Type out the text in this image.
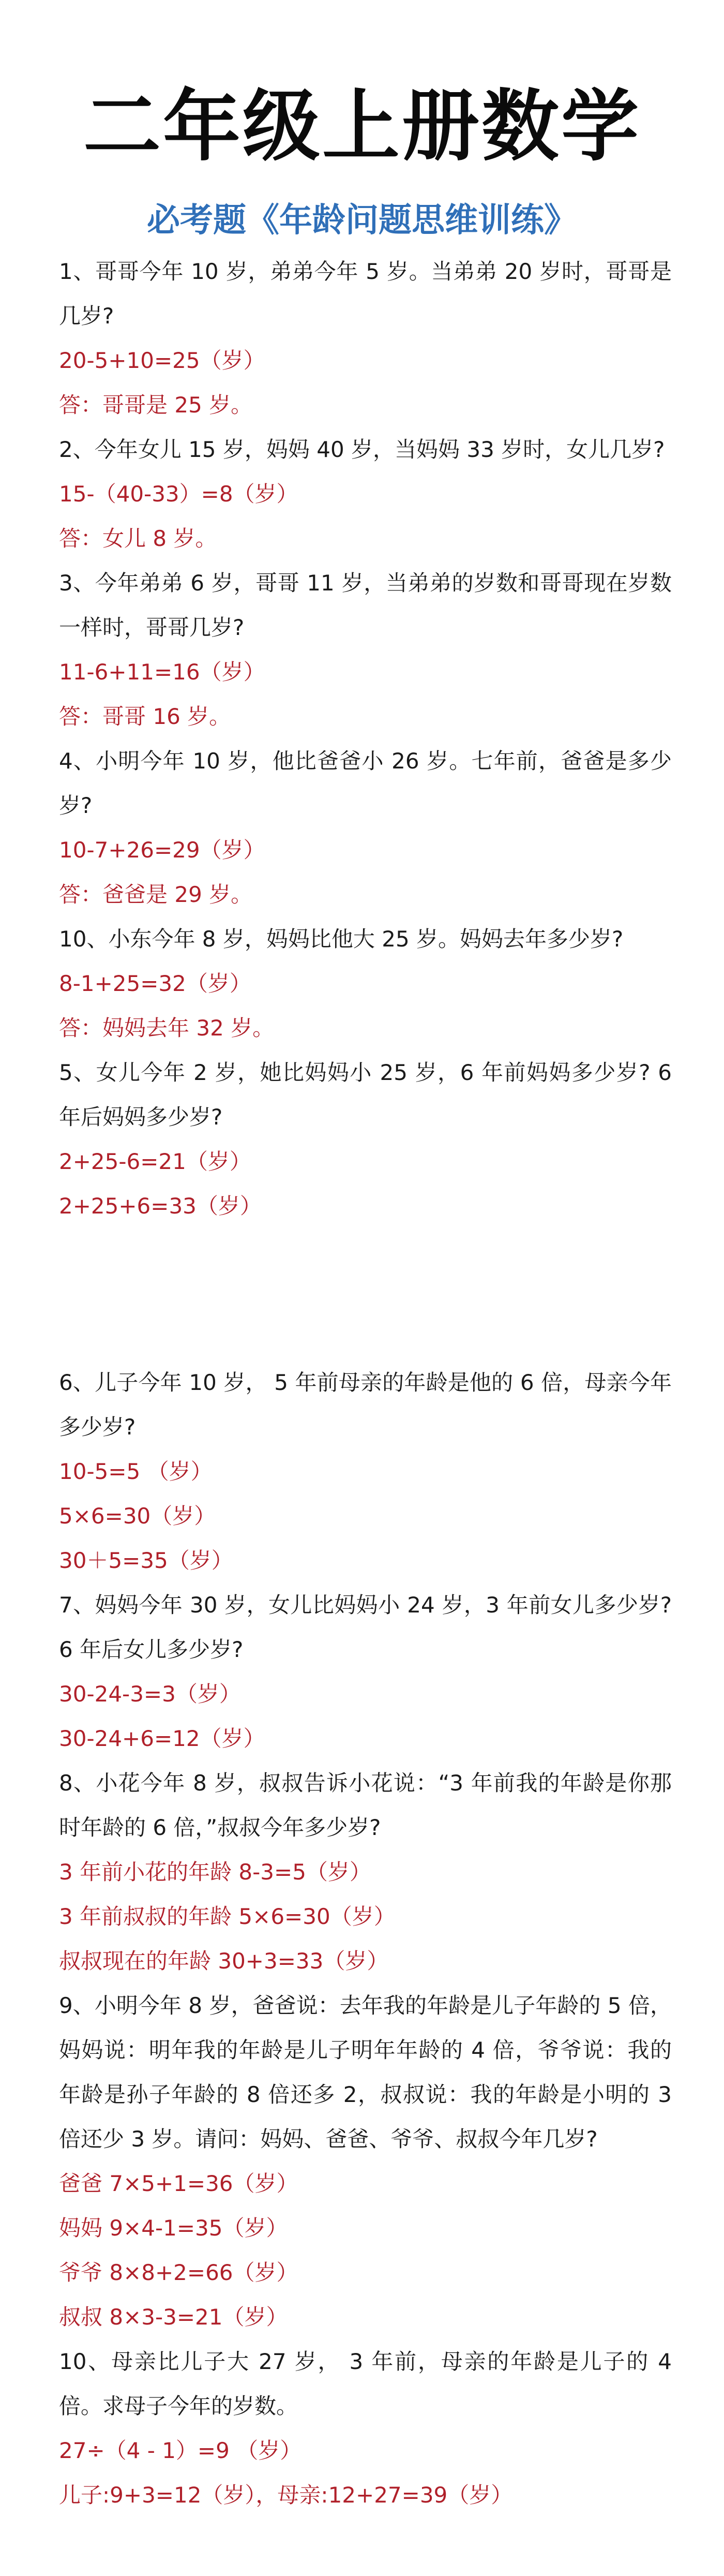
二年级上册数学
必考题《年龄问题思维训练》

1、哥哥今年 10 岁，弟弟今年 5 岁。当弟弟 20 岁时，哥哥是几岁?

20-5+10=25（岁）

答：哥哥是 25 岁。

2、今年女儿 15 岁，妈妈 40 岁，当妈妈 33 岁时，女儿几岁?

15-（40-33）=8（岁）

答：女儿 8 岁。

3、今年弟弟 6 岁，哥哥 11 岁，当弟弟的岁数和哥哥现在岁数一样时，哥哥几岁?

11-6+11=16（岁）

答：哥哥 16 岁。

4、小明今年 10 岁，他比爸爸小 26 岁。七年前，爸爸是多少岁?

10-7+26=29（岁）

答：爸爸是 29 岁。

10、小东今年 8 岁，妈妈比他大 25 岁。妈妈去年多少岁?

8-1+25=32（岁）

答：妈妈去年 32 岁。

5、女儿今年 2 岁，她比妈妈小 25 岁，6 年前妈妈多少岁? 6 年后妈妈多少岁?

2+25-6=21（岁）

2+25+6=33（岁）

6、儿子今年 10 岁， 5 年前母亲的年龄是他的 6 倍，母亲今年多少岁?

10-5=5 （岁）

5×6=30（岁）

30＋5=35（岁）

7、妈妈今年 30 岁，女儿比妈妈小 24 岁，3 年前女儿多少岁? 6 年后女儿多少岁?

30-24-3=3（岁）

30-24+6=12（岁）

8、小花今年 8 岁，叔叔告诉小花说：“3 年前我的年龄是你那时年龄的 6 倍，”叔叔今年多少岁?

3 年前小花的年龄 8-3=5（岁）

3 年前叔叔的年龄 5×6=30（岁）

叔叔现在的年龄 30+3=33（岁）

9、小明今年 8 岁，爸爸说：去年我的年龄是儿子年龄的 5 倍，妈妈说：明年我的年龄是儿子明年年龄的 4 倍，爷爷说：我的年龄是孙子年龄的 8 倍还多 2，叔叔说：我的年龄是小明的 3 倍还少 3 岁。请问：妈妈、爸爸、爷爷、叔叔今年几岁?

爸爸 7×5+1=36（岁）

妈妈 9×4-1=35（岁）

爷爷 8×8+2=66（岁）

叔叔 8×3-3=21（岁）

10、母亲比儿子大 27 岁， 3 年前，母亲的年龄是儿子的 4 倍。求母子今年的岁数。

27÷（4 - 1）=9 （岁）

儿子:9+3=12（岁），母亲:12+27=39（岁）
